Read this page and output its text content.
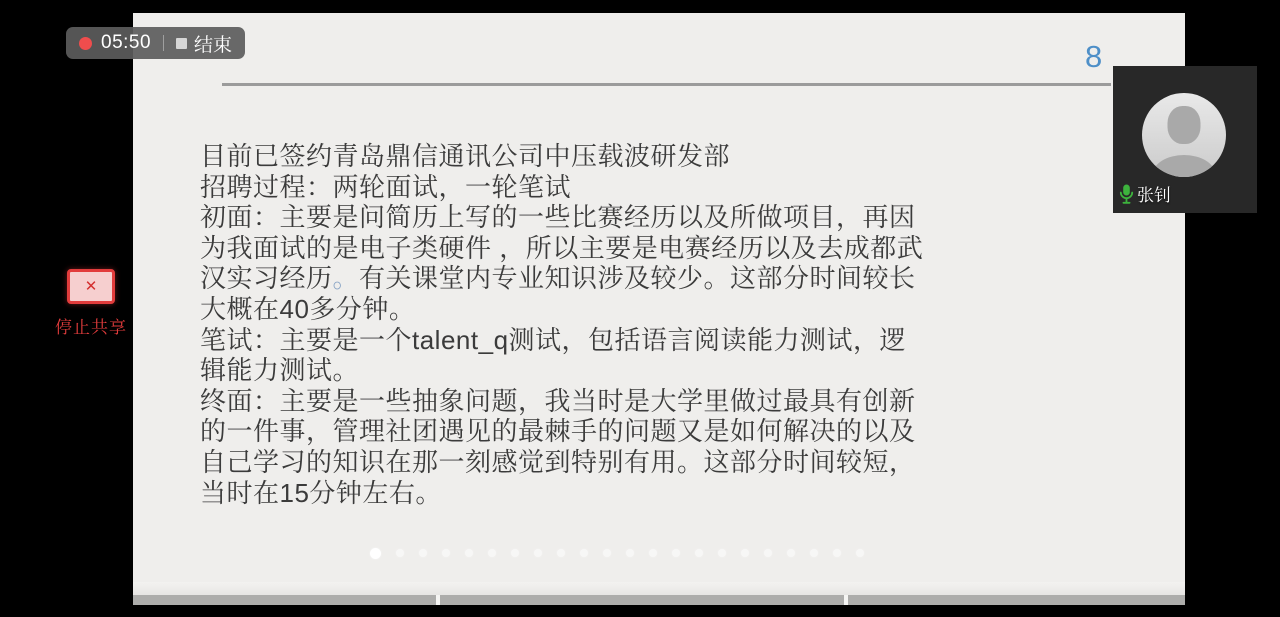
8
目前已签约青岛鼎信通讯公司中压载波研发部
招聘过程：两轮面试，一轮笔试
初面：主要是问简历上写的一些比赛经历以及所做项目，再因
为我面试的是电子类硬件 ，所以主要是电赛经历以及去成都武
汉实习经历。有关课堂内专业知识涉及较少。这部分时间较长
大概在40多分钟。
笔试：主要是一个talent_q测试，包括语言阅读能力测试，逻
辑能力测试。
终面：主要是一些抽象问题，我当时是大学里做过最具有创新
的一件事，管理社团遇见的最棘手的问题又是如何解决的以及
自己学习的知识在那一刻感觉到特别有用。这部分时间较短，
当时在15分钟左右。
05:50 结束
✕
停止共享
张钊
